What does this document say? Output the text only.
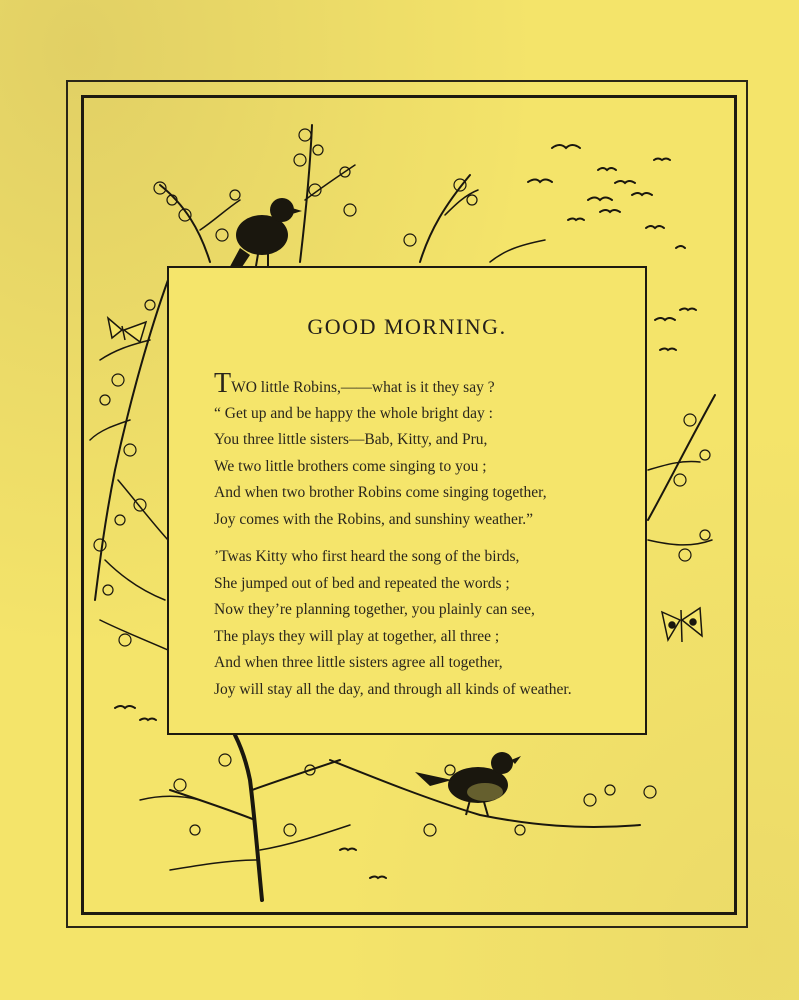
GOOD MORNING.
TWO little Robins,——what is it they say ?
“ Get up and be happy the whole bright day :
You three little sisters—Bab, Kitty, and Pru,
We two little brothers come singing to you ;
And when two brother Robins come singing together,
Joy comes with the Robins, and sunshiny weather.”
’Twas Kitty who first heard the song of the birds,
She jumped out of bed and repeated the words ;
Now they’re planning together, you plainly can see,
The plays they will play at together, all three ;
And when three little sisters agree all together,
Joy will stay all the day, and through all kinds of weather.
